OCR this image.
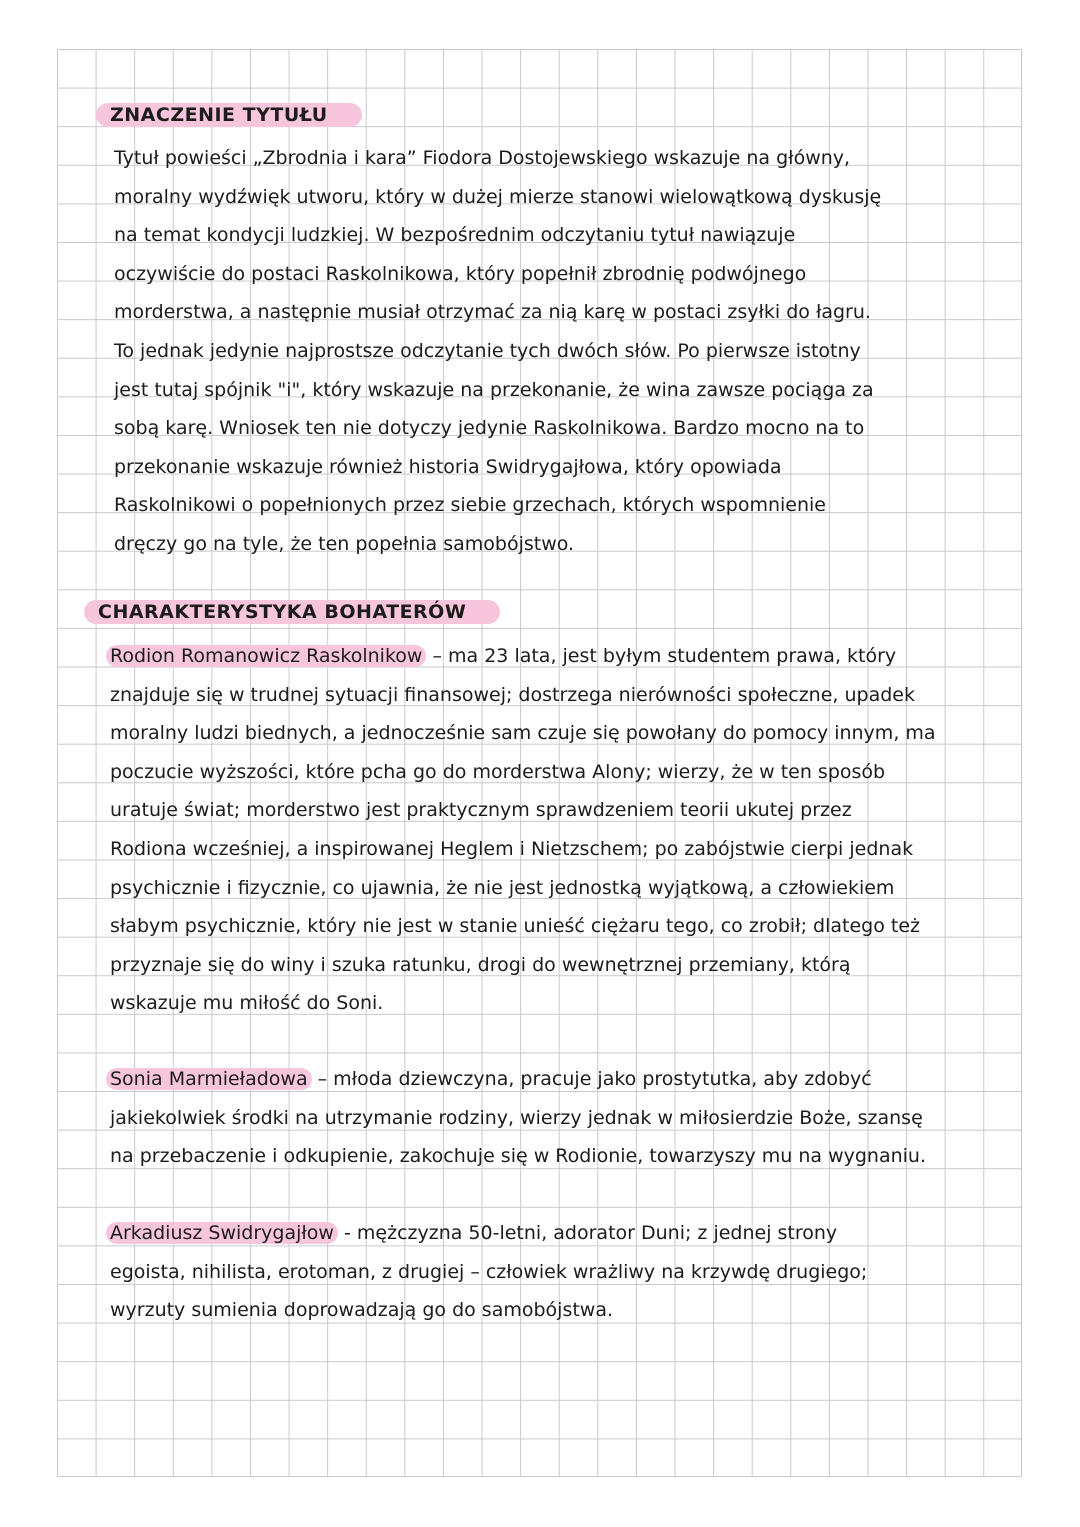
ZNACZENIE TYTUŁU
Tytuł powieści „Zbrodnia i kara” Fiodora Dostojewskiego wskazuje na główny,
moralny wydźwięk utworu, który w dużej mierze stanowi wielowątkową dyskusję
na temat kondycji ludzkiej. W bezpośrednim odczytaniu tytuł nawiązuje
oczywiście do postaci Raskolnikowa, który popełnił zbrodnię podwójnego
morderstwa, a następnie musiał otrzymać za nią karę w postaci zsyłki do łagru.
To jednak jedynie najprostsze odczytanie tych dwóch słów. Po pierwsze istotny
jest tutaj spójnik "i", który wskazuje na przekonanie, że wina zawsze pociąga za
sobą karę. Wniosek ten nie dotyczy jedynie Raskolnikowa. Bardzo mocno na to
przekonanie wskazuje również historia Swidrygajłowa, który opowiada
Raskolnikowi o popełnionych przez siebie grzechach, których wspomnienie
dręczy go na tyle, że ten popełnia samobójstwo.
CHARAKTERYSTYKA BOHATERÓW
Rodion Romanowicz Raskolnikow – ma 23 lata, jest byłym studentem prawa, który
znajduje się w trudnej sytuacji finansowej; dostrzega nierówności społeczne, upadek
moralny ludzi biednych, a jednocześnie sam czuje się powołany do pomocy innym, ma
poczucie wyższości, które pcha go do morderstwa Alony; wierzy, że w ten sposób
uratuje świat; morderstwo jest praktycznym sprawdzeniem teorii ukutej przez
Rodiona wcześniej, a inspirowanej Heglem i Nietzschem; po zabójstwie cierpi jednak
psychicznie i fizycznie, co ujawnia, że nie jest jednostką wyjątkową, a człowiekiem
słabym psychicznie, który nie jest w stanie unieść ciężaru tego, co zrobił; dlatego też
przyznaje się do winy i szuka ratunku, drogi do wewnętrznej przemiany, którą
wskazuje mu miłość do Soni.
Sonia Marmieładowa – młoda dziewczyna, pracuje jako prostytutka, aby zdobyć
jakiekolwiek środki na utrzymanie rodziny, wierzy jednak w miłosierdzie Boże, szansę
na przebaczenie i odkupienie, zakochuje się w Rodionie, towarzyszy mu na wygnaniu.
Arkadiusz Swidrygajłow - mężczyzna 50-letni, adorator Duni; z jednej strony
egoista, nihilista, erotoman, z drugiej – człowiek wrażliwy na krzywdę drugiego;
wyrzuty sumienia doprowadzają go do samobójstwa.
